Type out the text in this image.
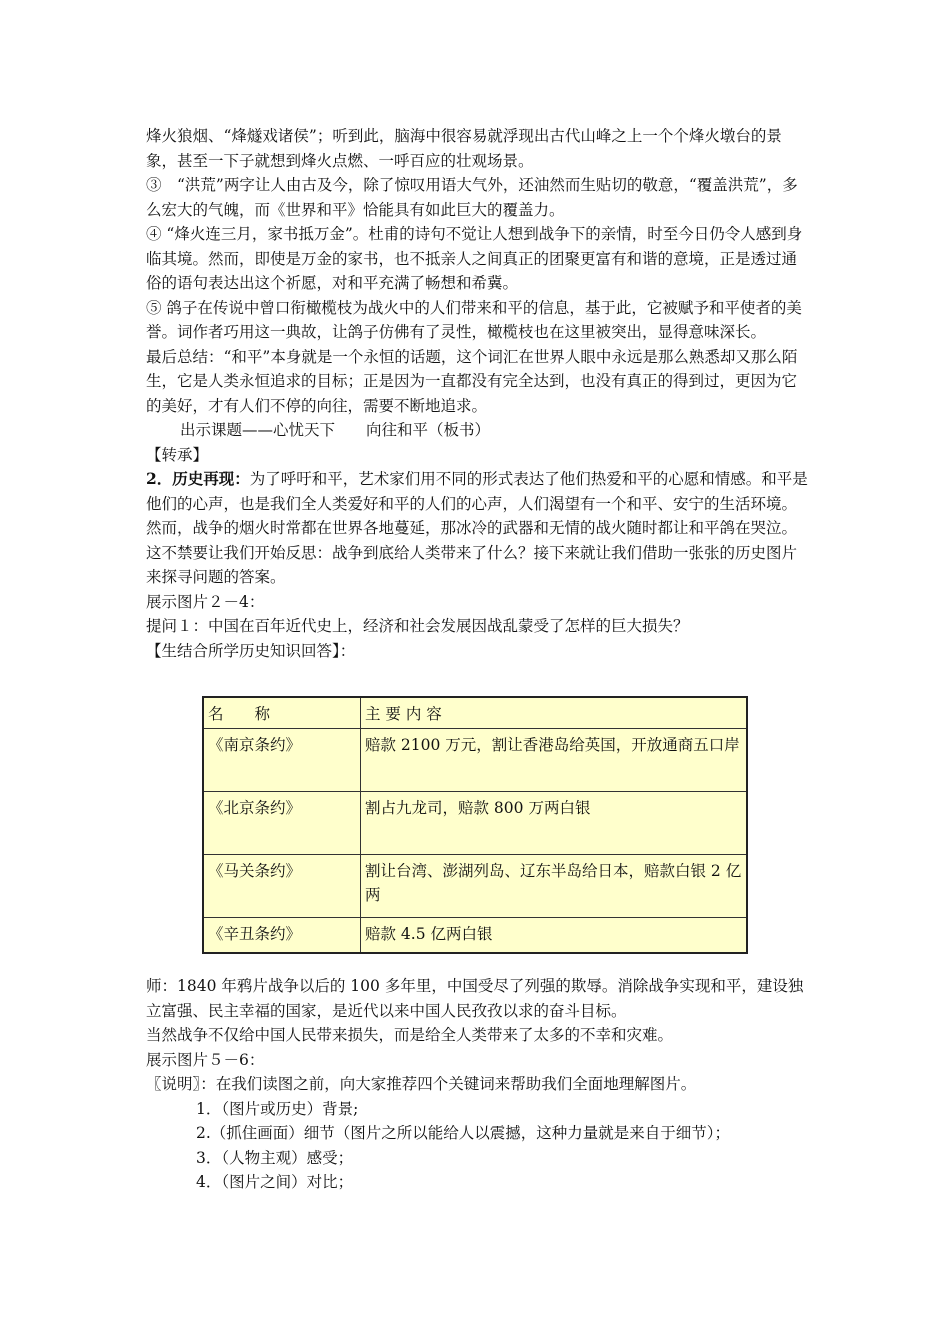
烽火狼烟、“烽燧戏诸侯”；听到此，脑海中很容易就浮现出古代山峰之上一个个烽火墩台的景象，甚至一下子就想到烽火点燃、一呼百应的壮观场景。

③　“洪荒”两字让人由古及今，除了惊叹用语大气外，还油然而生贴切的敬意，“覆盖洪荒”，多么宏大的气魄，而《世界和平》恰能具有如此巨大的覆盖力。

④ “烽火连三月，家书抵万金”。杜甫的诗句不觉让人想到战争下的亲情，时至今日仍令人感到身临其境。然而，即使是万金的家书，也不抵亲人之间真正的团聚更富有和谐的意境，正是透过通俗的语句表达出这个祈愿，对和平充满了畅想和希冀。

⑤ 鸽子在传说中曾口衔橄榄枝为战火中的人们带来和平的信息，基于此，它被赋予和平使者的美誉。词作者巧用这一典故，让鸽子仿佛有了灵性，橄榄枝也在这里被突出，显得意味深长。

最后总结：“和平”本身就是一个永恒的话题，这个词汇在世界人眼中永远是那么熟悉却又那么陌生，它是人类永恒追求的目标；正是因为一直都没有完全达到，也没有真正的得到过，更因为它的美好，才有人们不停的向往，需要不断地追求。

出示课题——心忧天下　　向往和平（板书）

【转承】

2．历史再现：为了呼吁和平，艺术家们用不同的形式表达了他们热爱和平的心愿和情感。和平是他们的心声，也是我们全人类爱好和平的人们的心声，人们渴望有一个和平、安宁的生活环境。然而，战争的烟火时常都在世界各地蔓延，那冰冷的武器和无情的战火随时都让和平鸽在哭泣。这不禁要让我们开始反思：战争到底给人类带来了什么？接下来就让我们借助一张张的历史图片来探寻问题的答案。

展示图片２－4：

提问１：中国在百年近代史上，经济和社会发展因战乱蒙受了怎样的巨大损失？

【生结合所学历史知识回答】：

名　　称	主 要 内 容
《南京条约》	赔款 2100 万元，割让香港岛给英国，开放通商五口岸
《北京条约》	割占九龙司，赔款 800 万两白银
《马关条约》	割让台湾、澎湖列岛、辽东半岛给日本，赔款白银 2 亿两
《辛丑条约》	赔款 4.5 亿两白银

师：1840 年鸦片战争以后的 100 多年里，中国受尽了列强的欺辱。消除战争实现和平，建设独立富强、民主幸福的国家，是近代以来中国人民孜孜以求的奋斗目标。

当然战争不仅给中国人民带来损失，而是给全人类带来了太多的不幸和灾难。

展示图片５－6：

〖说明〗：在我们读图之前，向大家推荐四个关键词来帮助我们全面地理解图片。

1．（图片或历史）背景;

2.（抓住画面）细节（图片之所以能给人以震撼，这种力量就是来自于细节）；

3．（人物主观）感受；

4．（图片之间）对比；
